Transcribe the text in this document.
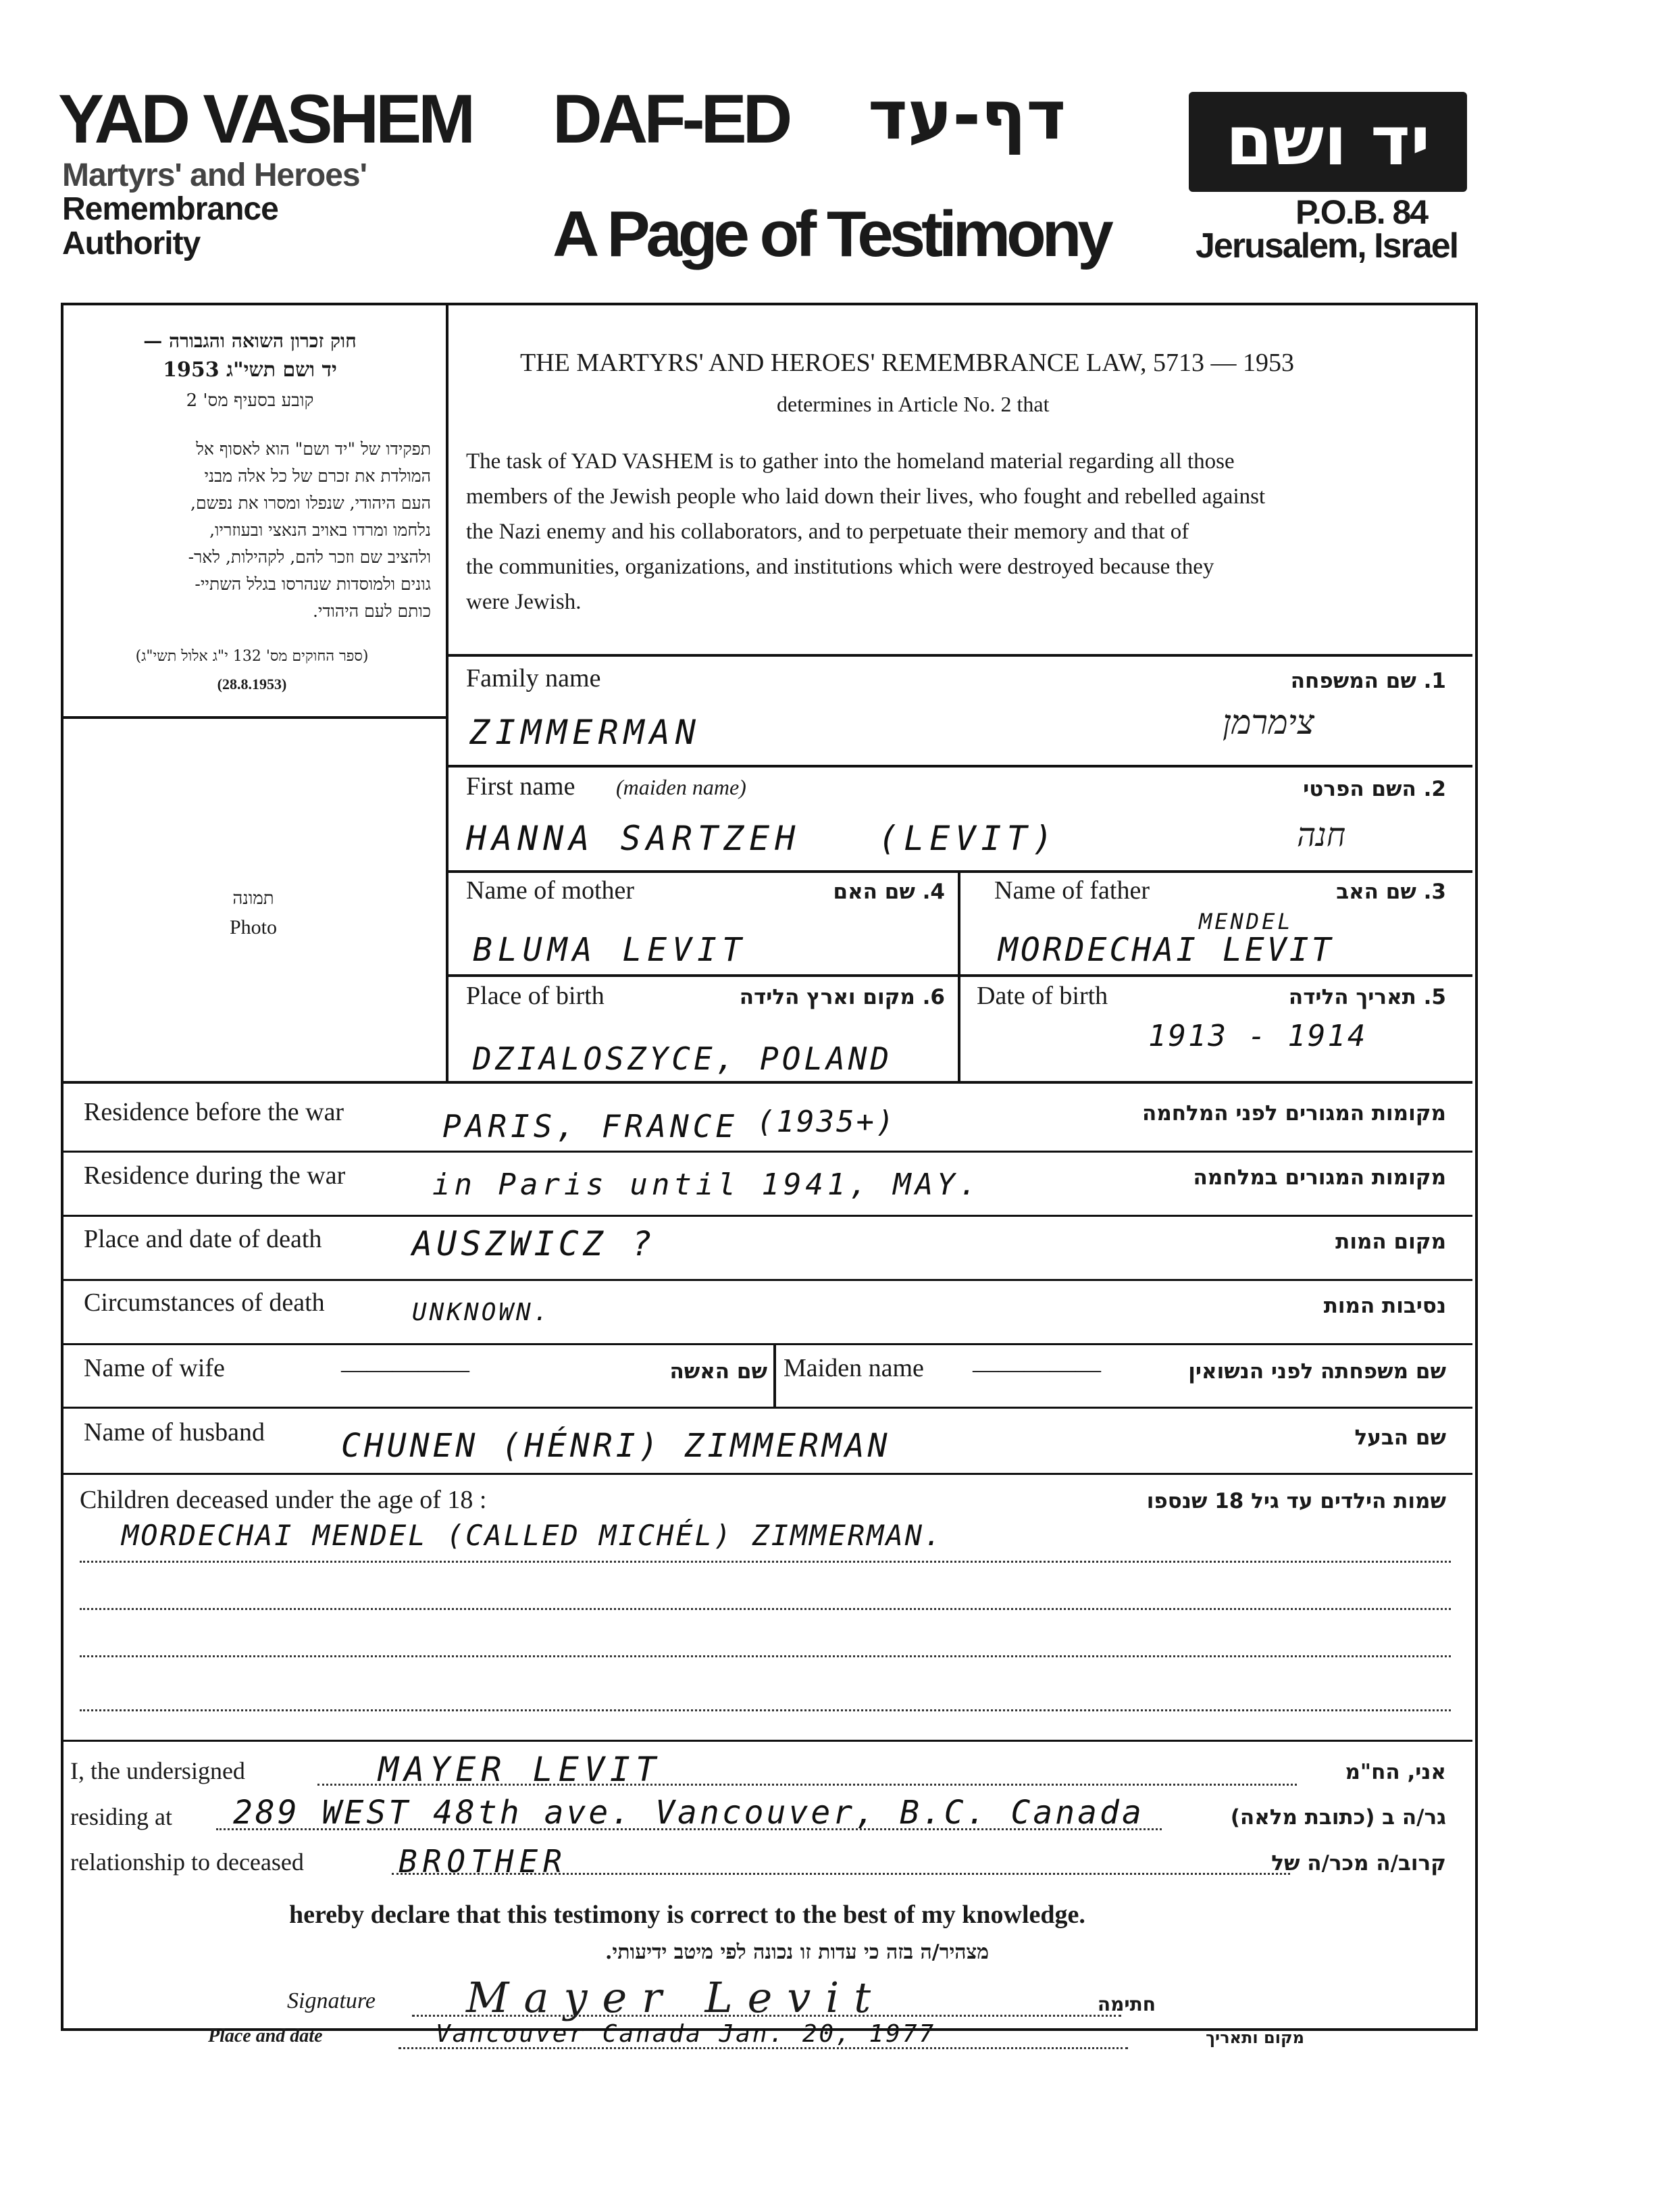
YAD VASHEM
Martyrs' and Heroes'
Remembrance
Authority
DAF-ED דף-עד
A Page of Testimony
יד ושם
P.O.B. 84
Jerusalem, Israel
חוק זכרון השואה והגבורה —
יד ושם תשי"ג 1953
קובע בסעיף מס' 2
תפקידו של "יד ושם" הוא לאסוף אל
המולדת את זכרם של כל אלה מבני
העם היהודי, שנפלו ומסרו את נפשם,
נלחמו ומרדו באויב הנאצי ובעוזריו,
ולהציב שם וזכר להם, לקהילות, לאר-
גונים ולמוסדות שנהרסו בגלל השתיי-
כותם לעם היהודי.
(ספר החוקים מס' 132 י"ג אלול תשי"ג)
(28.8.1953)
תמונה
Photo
THE MARTYRS' AND HEROES' REMEMBRANCE LAW, 5713 — 1953
determines in Article No. 2 that
The task of YAD VASHEM is to gather into the homeland material regarding all those
members of the Jewish people who laid down their lives, who fought and rebelled against
the Nazi enemy and his collaborators, and to perpetuate their memory and that of
the communities, organizations, and institutions which were destroyed because they
were Jewish.
Family name	1. שם המשפחה
ZIMMERMAN	צימרמן
First name (maiden name)	2. השם הפרטי
HANNA SARTZEH (LEVIT)	חנה
Name of mother	4. שם האם
BLUMA LEVIT
Name of father	3. שם האב
MENDEL
MORDECHAI LEVIT
Place of birth	6. מקום וארץ הלידה
DZIALOSZYCE, POLAND
Date of birth	5. תאריך הלידה
1913 - 1914
Residence before the war	מקומות המגורים לפני המלחמה
PARIS, FRANCE (1935+)
Residence during the war	מקומות המגורים במלחמה
in Paris until 1941, MAY.
Place and date of death	מקום המות
AUSZWICZ ?
Circumstances of death	נסיבות המות
UNKNOWN.
Name of wife	—————	שם האשה Maiden name —————	שם משפחתה לפני הנשואין
Name of husband	שם הבעל
CHUNEN (HÉNRI) ZIMMERMAN
Children deceased under the age of 18 :	שמות הילדים עד גיל 18 שנספו
MORDECHAI MENDEL (CALLED MICHÉL) ZIMMERMAN.
I, the undersigned	MAYER LEVIT	אני, הח"מ
residing at 289 WEST 48th ave. Vancouver, B.C. Canada	גר/ה ב (כתובת מלאה)
relationship to deceased	BROTHER	קרוב/ה מכר/ה של
hereby declare that this testimony is correct to the best of my knowledge.
מצהיר/ה בזה כי עדות זו נכונה לפי מיטב ידיעותי.
Signature Mayer Levit	חתימה
Place and date	Vancouver Canada Jan. 20, 1977	מקום ותאריך
